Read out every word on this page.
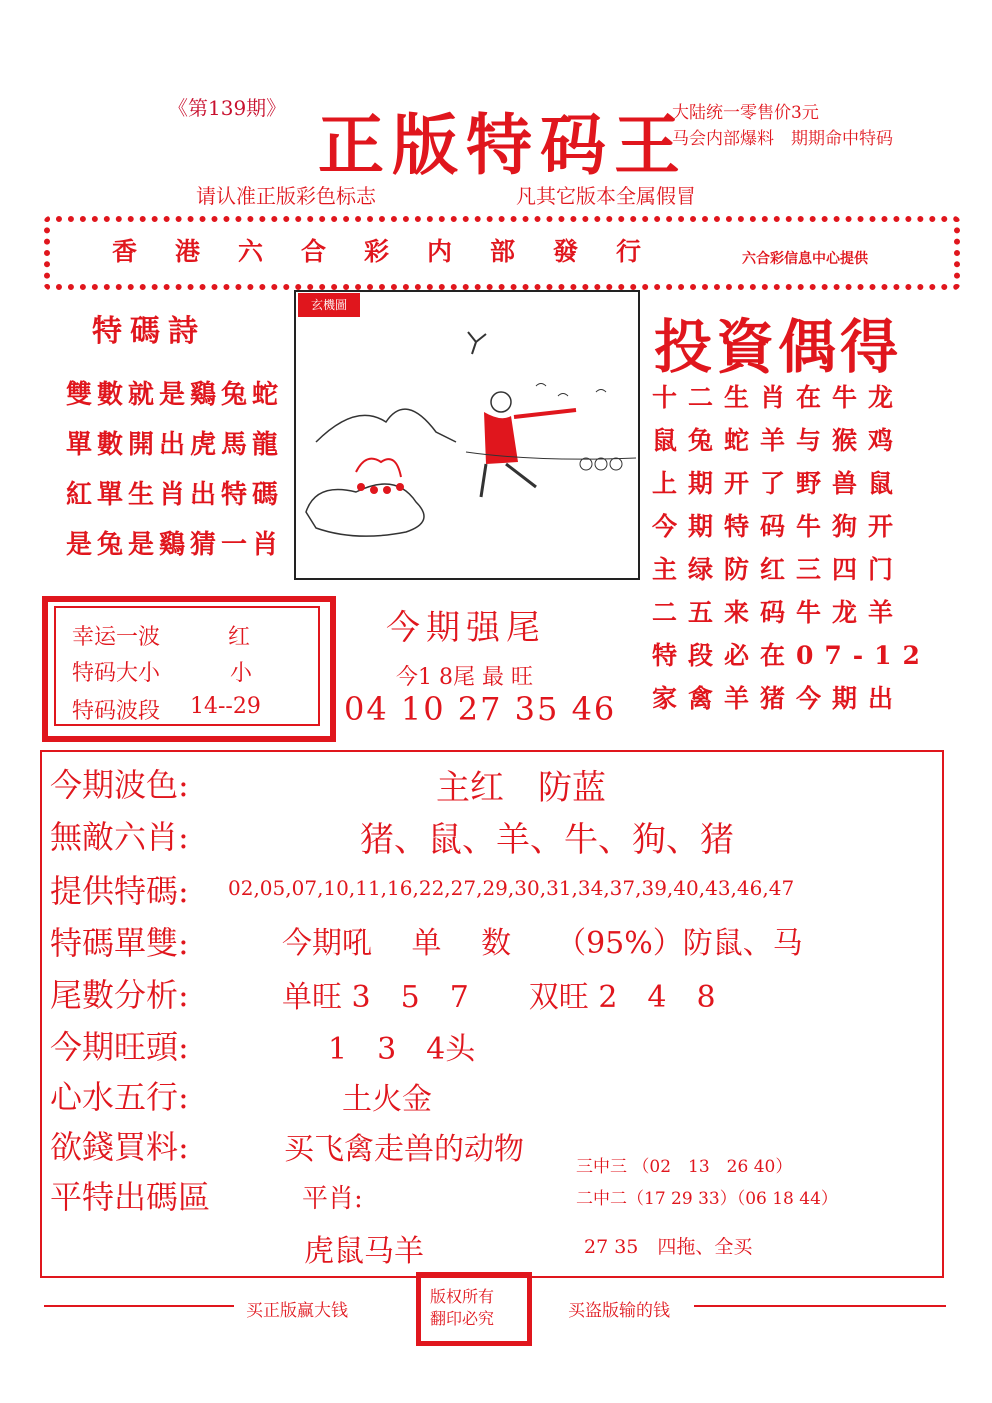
《第139期》 正版特码王
大陆统一零售价3元
马会内部爆料　期期命中特码
请认准正版彩色标志	凡其它版本全属假冒
香港六合彩内部發行	六合彩信息中心提供
特碼詩
雙數就是鷄兔蛇
單數開出虎馬龍
紅單生肖出特碼
是兔是鷄猜一肖
玄機圖
投資偶得
十二生肖在牛龙
鼠兔蛇羊与猴鸡
上期开了野兽鼠
今期特码牛狗开
主绿防红三四门
二五来码牛龙羊
特段必在07-12
家禽羊猪今期出
幸运一波	红
特码大小	小
特码波段 14--29
今期强尾
今1 8尾 最 旺
04 10 27 35 46
今期波色:	主红　防蓝
無敵六肖:	猪、鼠、羊、牛、狗、猪
提供特碼: 02,05,07,10,11,16,22,27,29,30,31,34,37,39,40,43,46,47
特碼單雙:	今期吼　 单　 数　　（95%）防鼠、马
尾數分析:	单旺 3　5　7　　双旺 2　4　8
今期旺頭:	1　3　4头
心水五行:	土火金
欲錢買料:	买飞禽走兽的动物
平特出碼區	平肖:
虎鼠马羊
三中三 （02　13　26 40）
二中二（17 29 33）（06 18 44）
27 35　四拖、全买
买正版赢大钱
版权所有
翻印必究	买盗版输的钱
